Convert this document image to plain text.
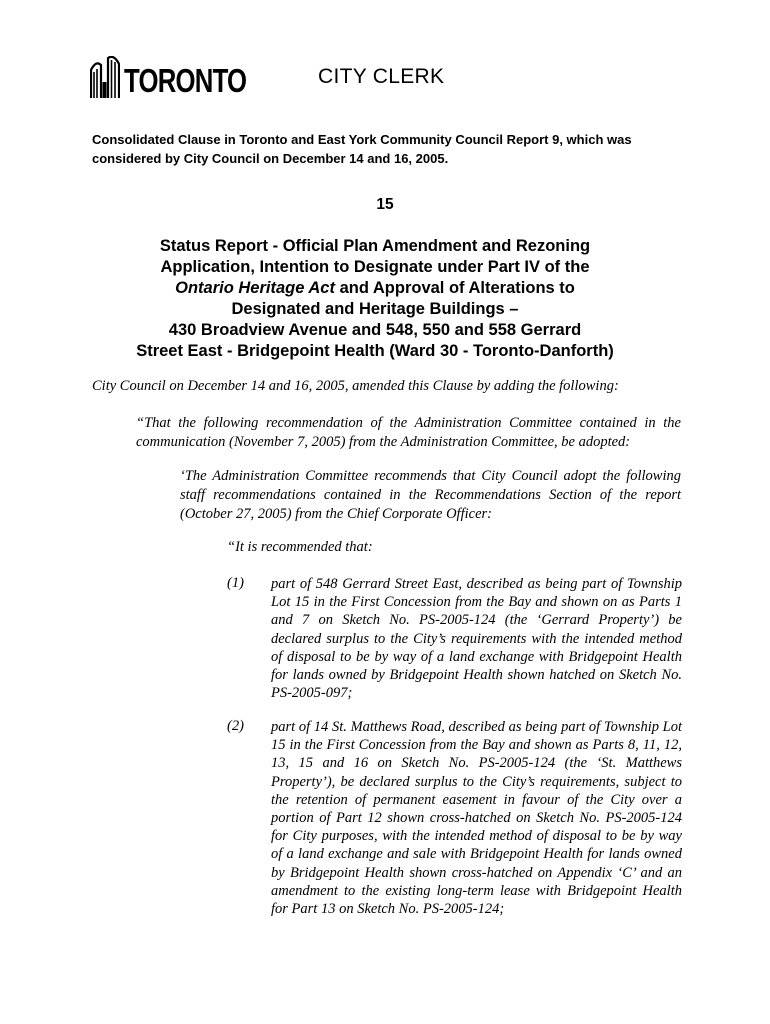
TORONTO	CITY CLERK

Consolidated Clause in Toronto and East York Community Council Report 9, which was considered by City Council on December 14 and 16, 2005.

15
Status Report - Official Plan Amendment and Rezoning
Application, Intention to Designate under Part IV of the
Ontario Heritage Act and Approval of Alterations to
Designated and Heritage Buildings –
430 Broadview Avenue and 548, 550 and 558 Gerrard
Street East - Bridgepoint Health (Ward 30 - Toronto-Danforth)

City Council on December 14 and 16, 2005, amended this Clause by adding the following:

“That the following recommendation of the Administration Committee contained in the communication (November 7, 2005) from the Administration Committee, be adopted:

‘The Administration Committee recommends that City Council adopt the following staff recommendations contained in the Recommendations Section of the report (October 27, 2005) from the Chief Corporate Officer:

“It is recommended that:

(1) part of 548 Gerrard Street East, described as being part of Township Lot 15 in the First Concession from the Bay and shown on as Parts 1 and 7 on Sketch No. PS-2005-124 (the ‘Gerrard Property’) be declared surplus to the City’s requirements with the intended method of disposal to be by way of a land exchange with Bridgepoint Health for lands owned by Bridgepoint Health shown hatched on Sketch No. PS-2005-097;

(2) part of 14 St. Matthews Road, described as being part of Township Lot 15 in the First Concession from the Bay and shown as Parts 8, 11, 12, 13, 15 and 16 on Sketch No. PS-2005-124 (the ‘St. Matthews Property’), be declared surplus to the City’s requirements, subject to the retention of permanent easement in favour of the City over a portion of Part 12 shown cross-hatched on Sketch No. PS-2005-124 for City purposes, with the intended method of disposal to be by way of a land exchange and sale with Bridgepoint Health for lands owned by Bridgepoint Health shown cross-hatched on Appendix ‘C’ and an amendment to the existing long-term lease with Bridgepoint Health for Part 13 on Sketch No. PS-2005-124;
